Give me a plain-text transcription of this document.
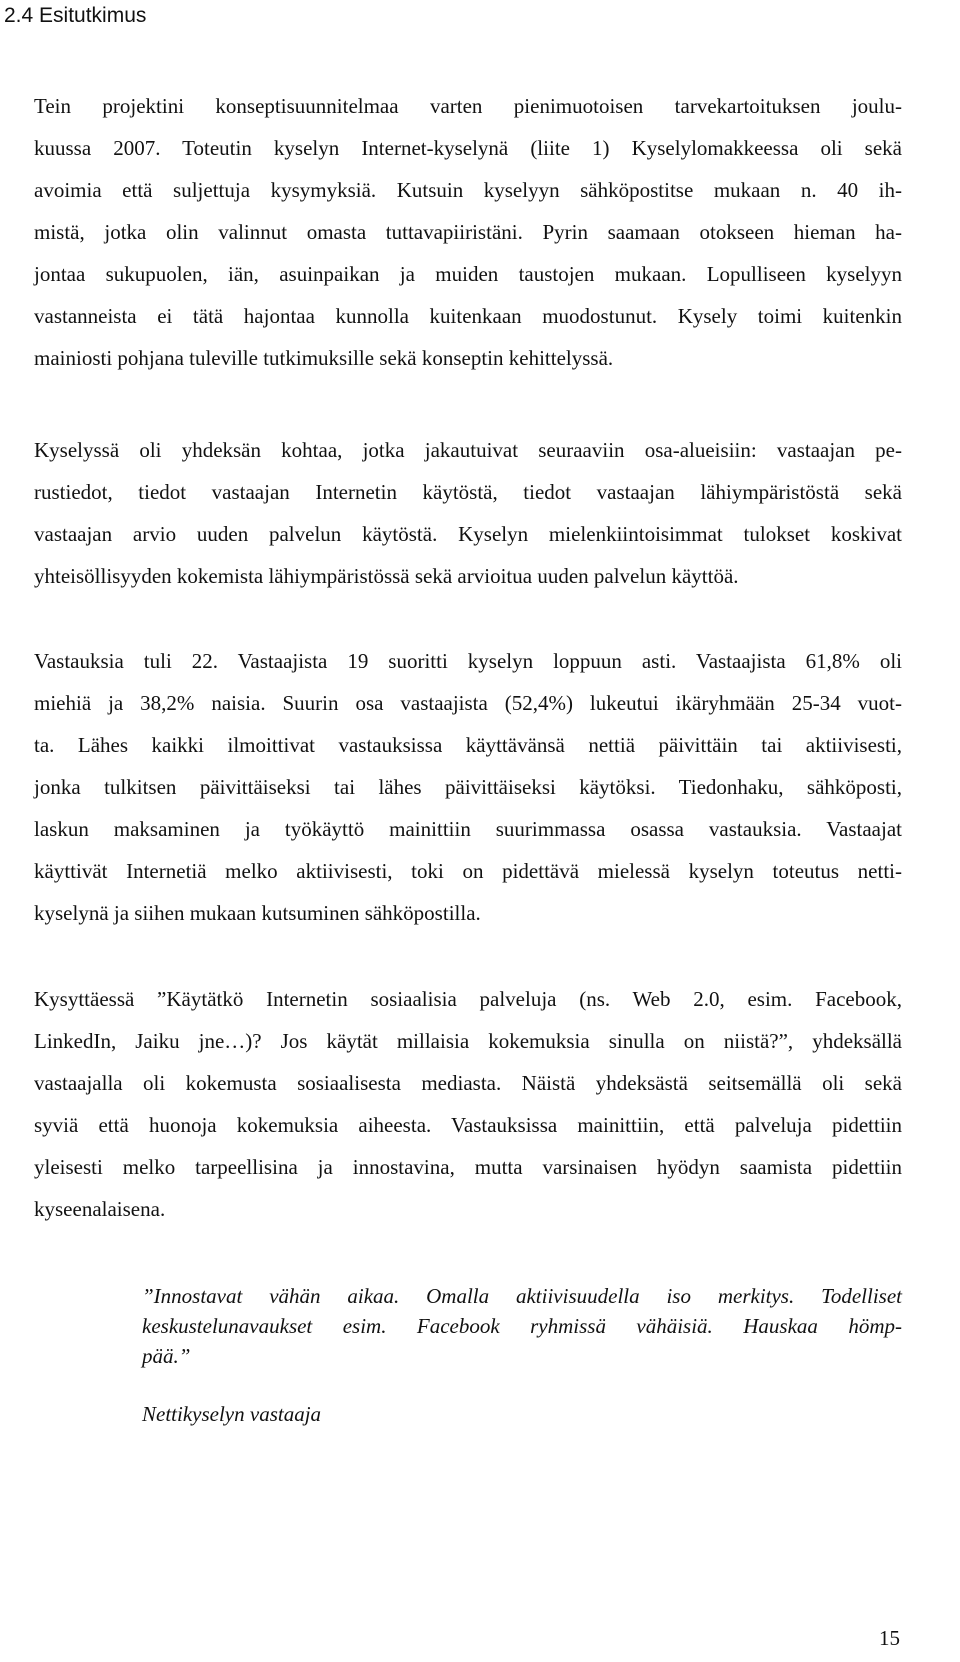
2.4 Esitutkimus
Tein projektini konseptisuunnitelmaa varten pienimuotoisen tarvekartoituksen joulu-
kuussa 2007. Toteutin kyselyn Internet-kyselynä (liite 1) Kyselylomakkeessa oli sekä
avoimia että suljettuja kysymyksiä. Kutsuin kyselyyn sähköpostitse mukaan n. 40 ih-
mistä, jotka olin valinnut omasta tuttavapiiristäni. Pyrin saamaan otokseen hieman ha-
jontaa sukupuolen, iän, asuinpaikan ja muiden taustojen mukaan. Lopulliseen kyselyyn
vastanneista ei tätä hajontaa kunnolla kuitenkaan muodostunut. Kysely toimi kuitenkin
mainiosti pohjana tuleville tutkimuksille sekä konseptin kehittelyssä.
Kyselyssä oli yhdeksän kohtaa, jotka jakautuivat seuraaviin osa-alueisiin: vastaajan pe-
rustiedot, tiedot vastaajan Internetin käytöstä, tiedot vastaajan lähiympäristöstä sekä
vastaajan arvio uuden palvelun käytöstä. Kyselyn mielenkiintoisimmat tulokset koskivat
yhteisöllisyyden kokemista lähiympäristössä sekä arvioitua uuden palvelun käyttöä.
Vastauksia tuli 22. Vastaajista 19 suoritti kyselyn loppuun asti. Vastaajista 61,8% oli
miehiä ja 38,2% naisia. Suurin osa vastaajista (52,4%) lukeutui ikäryhmään 25-34 vuot-
ta. Lähes kaikki ilmoittivat vastauksissa käyttävänsä nettiä päivittäin tai aktiivisesti,
jonka tulkitsen päivittäiseksi tai lähes päivittäiseksi käytöksi. Tiedonhaku, sähköposti,
laskun maksaminen ja työkäyttö mainittiin suurimmassa osassa vastauksia. Vastaajat
käyttivät Internetiä melko aktiivisesti, toki on pidettävä mielessä kyselyn toteutus netti-
kyselynä ja siihen mukaan kutsuminen sähköpostilla.
Kysyttäessä ”Käytätkö Internetin sosiaalisia palveluja (ns. Web 2.0, esim. Facebook,
LinkedIn, Jaiku jne…)? Jos käytät millaisia kokemuksia sinulla on niistä?”, yhdeksällä
vastaajalla oli kokemusta sosiaalisesta mediasta. Näistä yhdeksästä seitsemällä oli sekä
syviä että huonoja kokemuksia aiheesta. Vastauksissa mainittiin, että palveluja pidettiin
yleisesti melko tarpeellisina ja innostavina, mutta varsinaisen hyödyn saamista pidettiin
kyseenalaisena.
”Innostavat vähän aikaa. Omalla aktiivisuudella iso merkitys. Todelliset
keskustelunavaukset esim. Facebook ryhmissä vähäisiä. Hauskaa hömp-
pää.”
Nettikyselyn vastaaja
15
